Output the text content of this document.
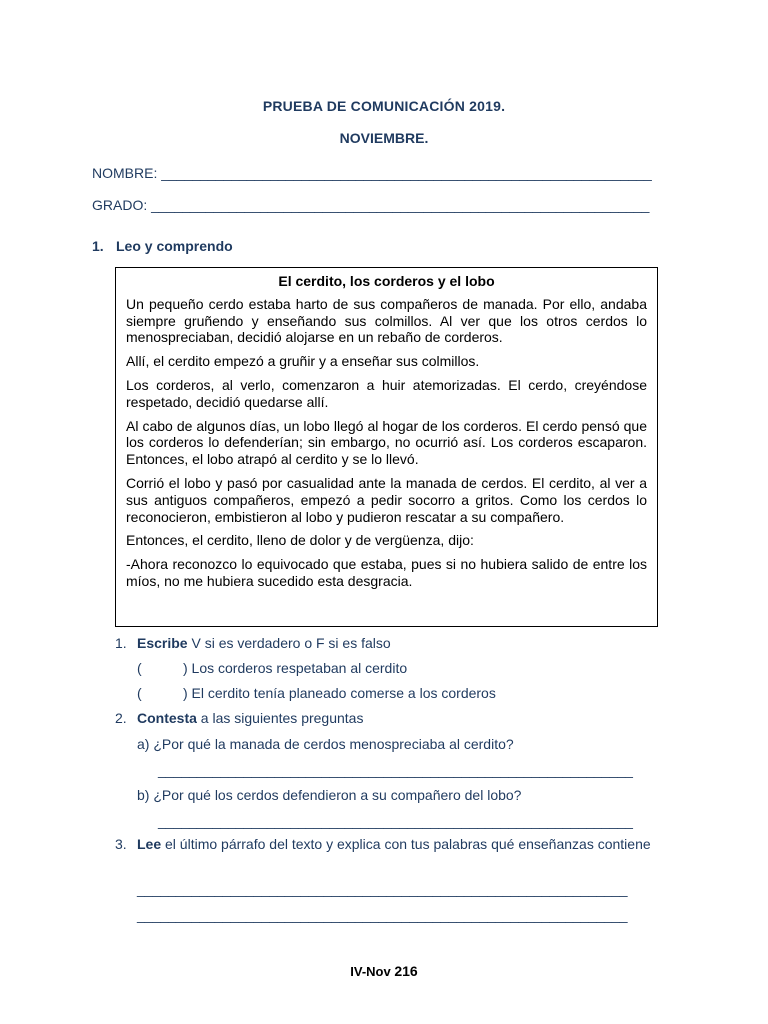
PRUEBA DE COMUNICACIÓN 2019.
NOVIEMBRE.
NOMBRE: _______________________________________________________________
GRADO: ________________________________________________________________
1. Leo y comprendo
El cerdito, los corderos y el lobo

Un pequeño cerdo estaba harto de sus compañeros de manada. Por ello, andaba siempre gruñendo y enseñando sus colmillos. Al ver que los otros cerdos lo menospreciaban, decidió alojarse en un rebaño de corderos.

Allí, el cerdito empezó a gruñir y a enseñar sus colmillos.

Los corderos, al verlo, comenzaron a huir atemorizadas. El cerdo, creyéndose respetado, decidió quedarse allí.

Al cabo de algunos días, un lobo llegó al hogar de los corderos. El cerdo pensó que los corderos lo defenderían; sin embargo, no ocurrió así. Los corderos escaparon. Entonces, el lobo atrapó al cerdito y se lo llevó.

Corrió el lobo y pasó por casualidad ante la manada de cerdos. El cerdito, al ver a sus antiguos compañeros, empezó a pedir socorro a gritos. Como los cerdos lo reconocieron, embistieron al lobo y pudieron rescatar a su compañero.

Entonces, el cerdito, lleno de dolor y de vergüenza, dijo:

-Ahora reconozco lo equivocado que estaba, pues si no hubiera salido de entre los míos, no me hubiera sucedido esta desgracia.

1. Escribe V si es verdadero o F si es falso
(	) Los corderos respetaban al cerdito
(	) El cerdito tenía planeado comerse a los corderos
2. Contesta a las siguientes preguntas
a) ¿Por qué la manada de cerdos menospreciaba al cerdito?
_____________________________________________________________
b) ¿Por qué los cerdos defendieron a su compañero del lobo?
_____________________________________________________________
3. Lee el último párrafo del texto y explica con tus palabras qué enseñanzas contiene
_______________________________________________________________
_______________________________________________________________
IV-Nov 216
